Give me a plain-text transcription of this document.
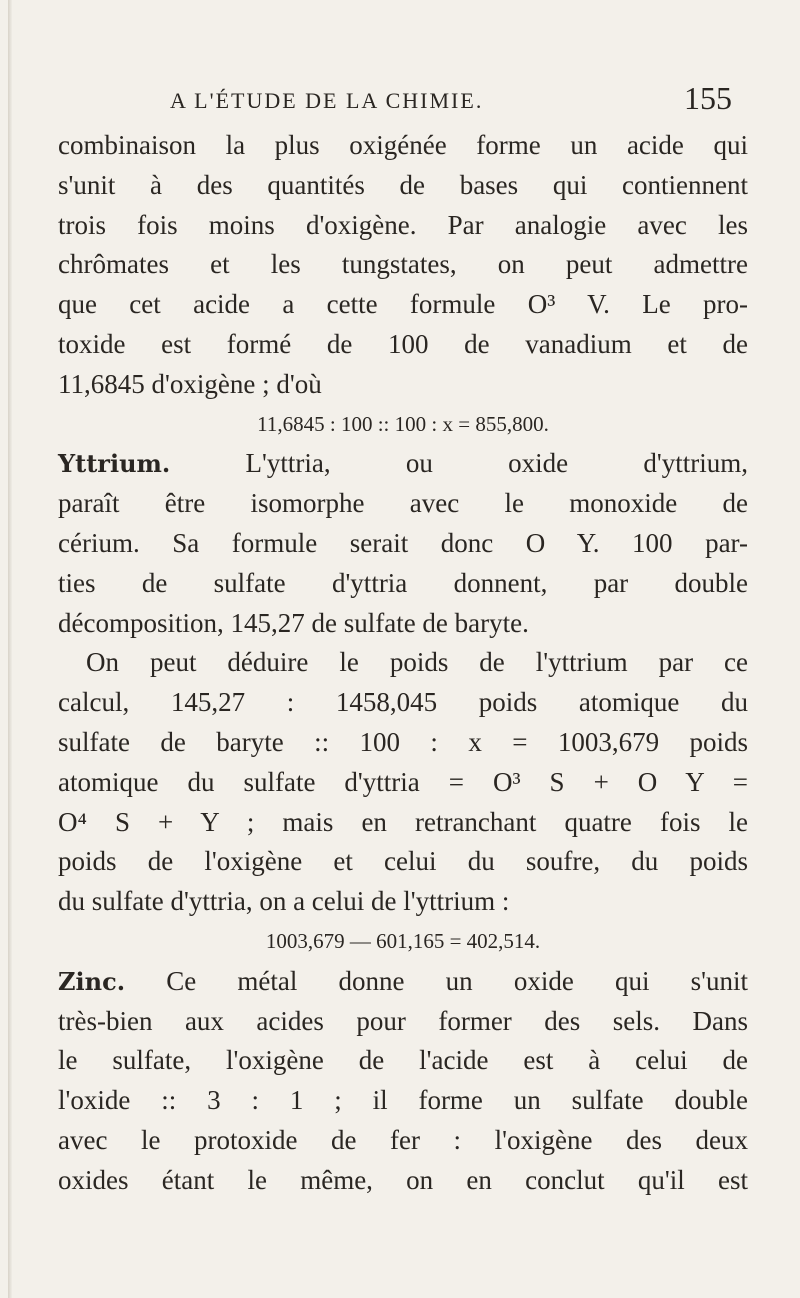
A L'ÉTUDE DE LA CHIMIE.	155
combinaison la plus oxigénée forme un acide qui
s'unit à des quantités de bases qui contiennent
trois fois moins d'oxigène. Par analogie avec les
chrômates et les tungstates, on peut admettre
que cet acide a cette formule O³ V. Le pro-
toxide est formé de 100 de vanadium et de
11,6845 d'oxigène ; d'où
11,6845 : 100 :: 100 : x = 855,800.
Yttrium. L'yttria, ou oxide d'yttrium,
paraît être isomorphe avec le monoxide de
cérium. Sa formule serait donc O Y. 100 par-
ties de sulfate d'yttria donnent, par double
décomposition, 145,27 de sulfate de baryte.
On peut déduire le poids de l'yttrium par ce
calcul, 145,27 : 1458,045 poids atomique du
sulfate de baryte :: 100 : x = 1003,679 poids
atomique du sulfate d'yttria = O³ S + O Y =
O⁴ S + Y ; mais en retranchant quatre fois le
poids de l'oxigène et celui du soufre, du poids
du sulfate d'yttria, on a celui de l'yttrium :
1003,679 — 601,165 = 402,514.
Zinc. Ce métal donne un oxide qui s'unit
très-bien aux acides pour former des sels. Dans
le sulfate, l'oxigène de l'acide est à celui de
l'oxide :: 3 : 1 ; il forme un sulfate double
avec le protoxide de fer : l'oxigène des deux
oxides étant le même, on en conclut qu'il est
